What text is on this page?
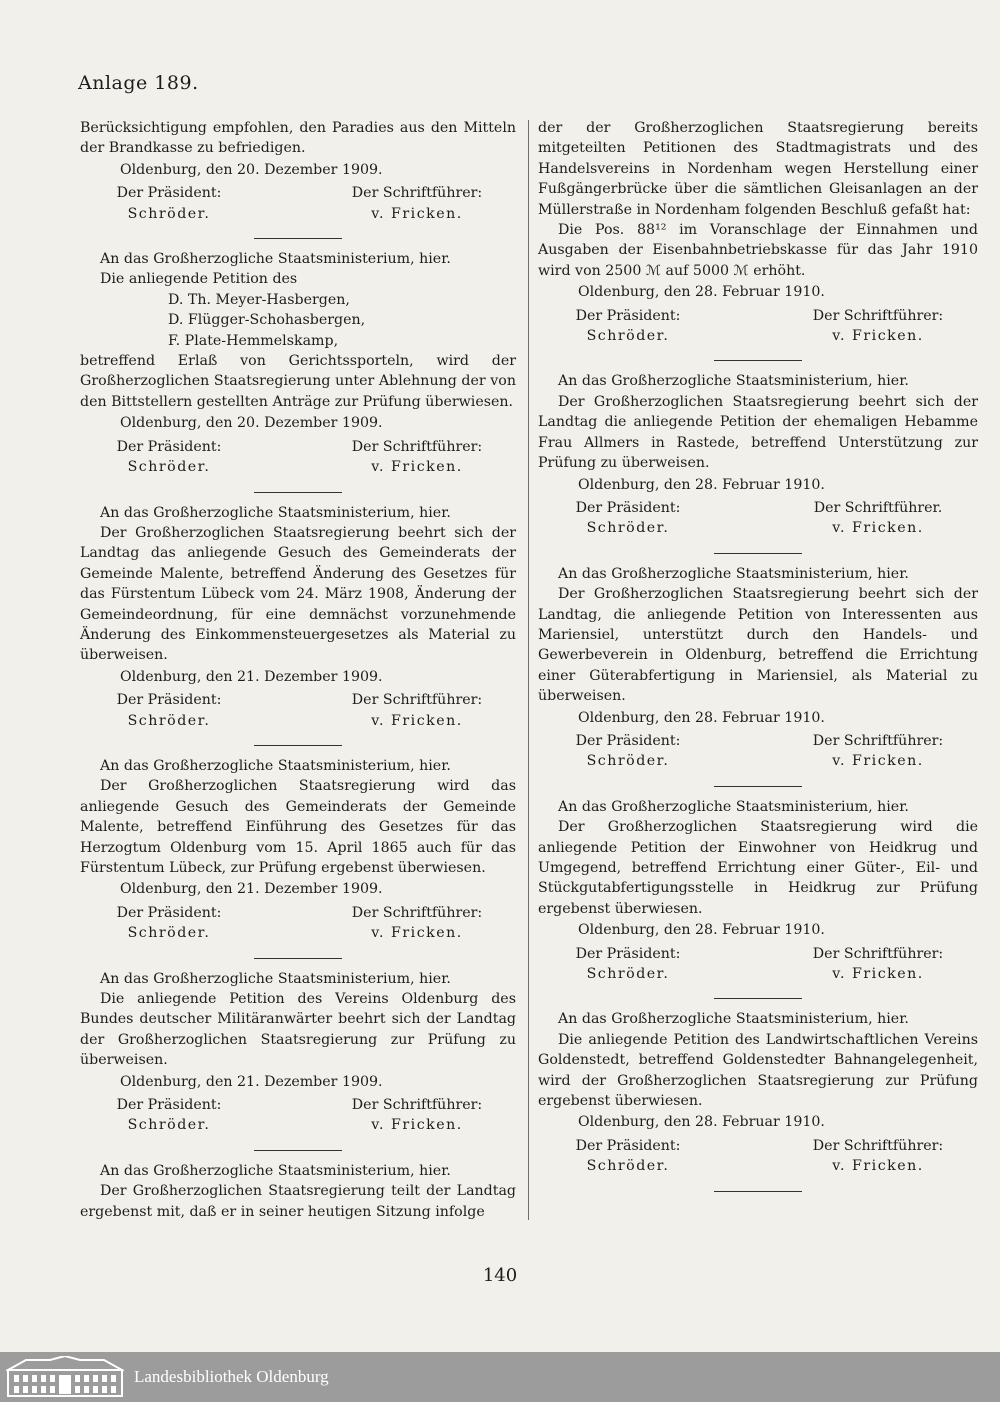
Anlage 189.

Berücksichtigung empfohlen, den Paradies aus den Mitteln der Brandkasse zu befriedigen.

Oldenburg, den 20. Dezember 1909.

Der Präsident:	Der Schriftführer:
Schröder.	v. Fricken.

An das Großherzogliche Staatsministerium, hier.

Die anliegende Petition des

D. Th. Meyer-Hasbergen,

D. Flügger-Schohasbergen,

F. Plate-Hemmelskamp,

betreffend Erlaß von Gerichtssporteln, wird der Großherzoglichen Staatsregierung unter Ablehnung der von den Bittstellern gestellten Anträge zur Prüfung überwiesen.

Oldenburg, den 20. Dezember 1909.

Der Präsident:	Der Schriftführer:
Schröder.	v. Fricken.

An das Großherzogliche Staatsministerium, hier.

Der Großherzoglichen Staatsregierung beehrt sich der Landtag das anliegende Gesuch des Gemeinderats der Gemeinde Malente, betreffend Änderung des Gesetzes für das Fürstentum Lübeck vom 24. März 1908, Änderung der Gemeindeordnung, für eine demnächst vorzunehmende Änderung des Einkommensteuergesetzes als Material zu überweisen.

Oldenburg, den 21. Dezember 1909.

Der Präsident:	Der Schriftführer:
Schröder.	v. Fricken.

An das Großherzogliche Staatsministerium, hier.

Der Großherzoglichen Staatsregierung wird das anliegende Gesuch des Gemeinderats der Gemeinde Malente, betreffend Einführung des Gesetzes für das Herzogtum Oldenburg vom 15. April 1865 auch für das Fürstentum Lübeck, zur Prüfung ergebenst überwiesen.

Oldenburg, den 21. Dezember 1909.

Der Präsident:	Der Schriftführer:
Schröder.	v. Fricken.

An das Großherzogliche Staatsministerium, hier.

Die anliegende Petition des Vereins Oldenburg des Bundes deutscher Militäranwärter beehrt sich der Landtag der Großherzoglichen Staatsregierung zur Prüfung zu überweisen.

Oldenburg, den 21. Dezember 1909.

Der Präsident:	Der Schriftführer:
Schröder.	v. Fricken.

An das Großherzogliche Staatsministerium, hier.

Der Großherzoglichen Staatsregierung teilt der Landtag ergebenst mit, daß er in seiner heutigen Sitzung infolge

der der Großherzoglichen Staatsregierung bereits mitgeteilten Petitionen des Stadtmagistrats und des Handelsvereins in Nordenham wegen Herstellung einer Fußgängerbrücke über die sämtlichen Gleisanlagen an der Müllerstraße in Nordenham folgenden Beschluß gefaßt hat:

Die Pos. 88¹² im Voranschlage der Einnahmen und Ausgaben der Eisenbahnbetriebskasse für das Jahr 1910 wird von 2500 ℳ auf 5000 ℳ erhöht.

Oldenburg, den 28. Februar 1910.

Der Präsident:	Der Schriftführer:
Schröder.	v. Fricken.

An das Großherzogliche Staatsministerium, hier.

Der Großherzoglichen Staatsregierung beehrt sich der Landtag die anliegende Petition der ehemaligen Hebamme Frau Allmers in Rastede, betreffend Unterstützung zur Prüfung zu überweisen.

Oldenburg, den 28. Februar 1910.

Der Präsident:	Der Schriftführer.
Schröder.	v. Fricken.

An das Großherzogliche Staatsministerium, hier.

Der Großherzoglichen Staatsregierung beehrt sich der Landtag, die anliegende Petition von Interessenten aus Mariensiel, unterstützt durch den Handels- und Gewerbeverein in Oldenburg, betreffend die Errichtung einer Güterabfertigung in Mariensiel, als Material zu überweisen.

Oldenburg, den 28. Februar 1910.

Der Präsident:	Der Schriftführer:
Schröder.	v. Fricken.

An das Großherzogliche Staatsministerium, hier.

Der Großherzoglichen Staatsregierung wird die anliegende Petition der Einwohner von Heidkrug und Umgegend, betreffend Errichtung einer Güter-, Eil- und Stückgutabfertigungsstelle in Heidkrug zur Prüfung ergebenst überwiesen.

Oldenburg, den 28. Februar 1910.

Der Präsident:	Der Schriftführer:
Schröder.	v. Fricken.

An das Großherzogliche Staatsministerium, hier.

Die anliegende Petition des Landwirtschaftlichen Vereins Goldenstedt, betreffend Goldenstedter Bahnangelegenheit, wird der Großherzoglichen Staatsregierung zur Prüfung ergebenst überwiesen.

Oldenburg, den 28. Februar 1910.

Der Präsident:	Der Schriftführer:
Schröder.	v. Fricken.
140
Landesbibliothek Oldenburg
